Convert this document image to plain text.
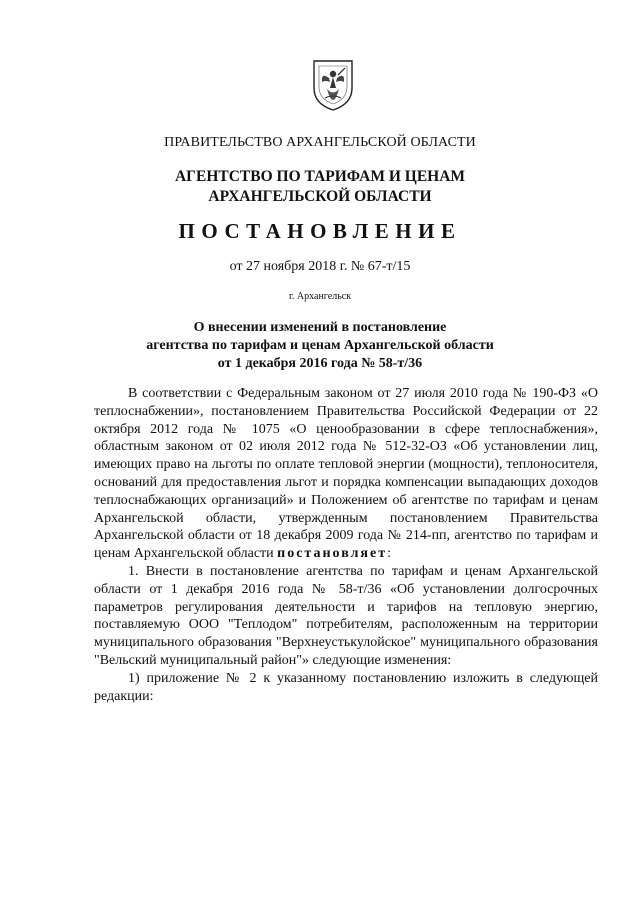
ПРАВИТЕЛЬСТВО АРХАНГЕЛЬСКОЙ ОБЛАСТИ
АГЕНТСТВО ПО ТАРИФАМ И ЦЕНАМ
АРХАНГЕЛЬСКОЙ ОБЛАСТИ
ПОСТАНОВЛЕНИЕ
от 27 ноября 2018 г. № 67-т/15
г. Архангельск
О внесении изменений в постановление
агентства по тарифам и ценам Архангельской области
от 1 декабря 2016 года № 58-т/36

В соответствии с Федеральным законом от 27 июля 2010 года № 190-ФЗ «О теплоснабжении», постановлением Правительства Российской Федерации от 22 октября 2012 года № 1075 «О ценообразовании в сфере теплоснабжения», областным законом от 02 июля 2012 года № 512-32-ОЗ «Об установлении лиц, имеющих право на льготы по оплате тепловой энергии (мощности), теплоносителя, оснований для предоставления льгот и порядка компенсации выпадающих доходов теплоснабжающих организаций» и Положением об агентстве по тарифам и ценам Архангельской области, утвержденным постановлением Правительства Архангельской области от 18 декабря 2009 года № 214-пп, агентство по тарифам и ценам Архангельской области постановляет:

1. Внести в постановление агентства по тарифам и ценам Архангельской области от 1 декабря 2016 года № 58-т/36 «Об установлении долгосрочных параметров регулирования деятельности и тарифов на тепловую энергию, поставляемую ООО "Теплодом" потребителям, расположенным на территории муниципального образования "Верхнеустькулойское" муниципального образования "Вельский муниципальный район"» следующие изменения:

1) приложение № 2 к указанному постановлению изложить в следующей редакции:
